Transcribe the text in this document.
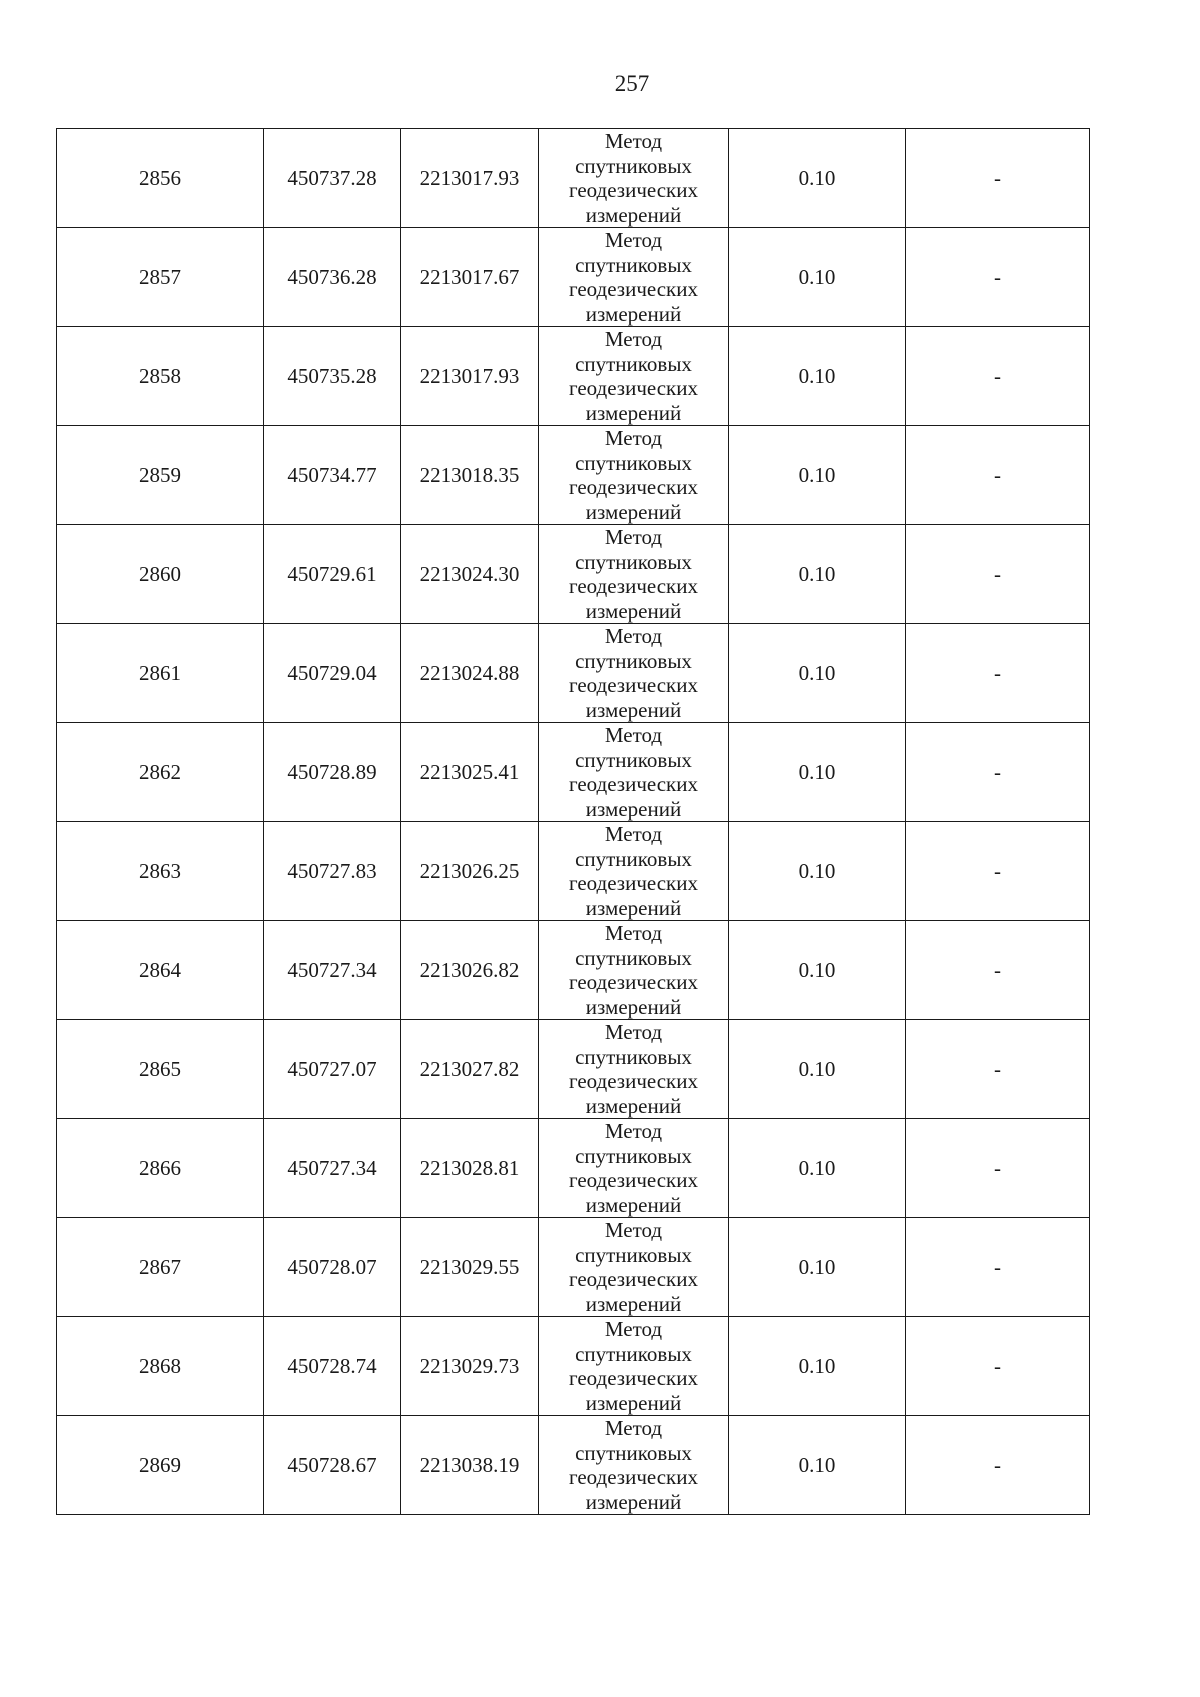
257
2856	450737.28	2213017.93	Метод
спутниковых
геодезических
измерений	0.10	-
2857	450736.28	2213017.67	Метод
спутниковых
геодезических
измерений	0.10	-
2858	450735.28	2213017.93	Метод
спутниковых
геодезических
измерений	0.10	-
2859	450734.77	2213018.35	Метод
спутниковых
геодезических
измерений	0.10	-
2860	450729.61	2213024.30	Метод
спутниковых
геодезических
измерений	0.10	-
2861	450729.04	2213024.88	Метод
спутниковых
геодезических
измерений	0.10	-
2862	450728.89	2213025.41	Метод
спутниковых
геодезических
измерений	0.10	-
2863	450727.83	2213026.25	Метод
спутниковых
геодезических
измерений	0.10	-
2864	450727.34	2213026.82	Метод
спутниковых
геодезических
измерений	0.10	-
2865	450727.07	2213027.82	Метод
спутниковых
геодезических
измерений	0.10	-
2866	450727.34	2213028.81	Метод
спутниковых
геодезических
измерений	0.10	-
2867	450728.07	2213029.55	Метод
спутниковых
геодезических
измерений	0.10	-
2868	450728.74	2213029.73	Метод
спутниковых
геодезических
измерений	0.10	-
2869	450728.67	2213038.19	Метод
спутниковых
геодезических
измерений	0.10	-
